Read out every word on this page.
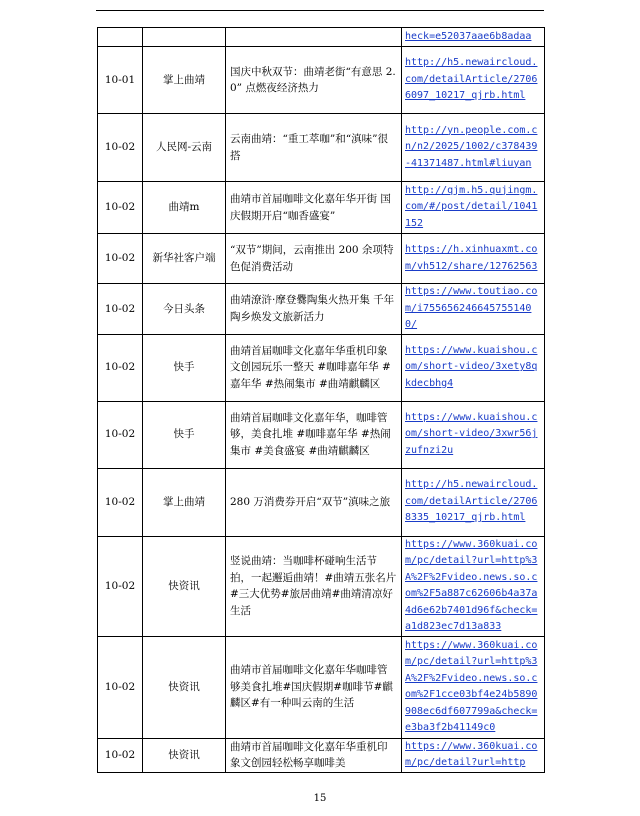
			heck=e52037aae6b8adaa
10-01	掌上曲靖	国庆中秋双节：曲靖老街“有意思 2.0” 点燃夜经济热力	http://h5.newaircloud.com/detailArticle/27066097_10217_qjrb.html
10-02	人民网-云南	云南曲靖：“重工萃咖”和“滇味”很搭	http://yn.people.com.cn/n2/2025/1002/c378439-41371487.html#liuyan
10-02	曲靖m	曲靖市首届咖啡文化嘉年华开街 国庆假期开启“咖香盛宴”	http://qjm.h5.qujingm.com/#/post/detail/1041152
10-02	新华社客户端	“双节”期间，云南推出 200 余项特色促消费活动	https://h.xinhuaxmt.com/vh512/share/12762563
10-02	今日头条	曲靖潦浒·摩登爨陶集火热开集 千年陶乡焕发文旅新活力	https://www.toutiao.com/i7556562466457551400/
10-02	快手	曲靖首届咖啡文化嘉年华重机印象文创园玩乐一整天 #咖啡嘉年华 #嘉年华 #热闹集市 #曲靖麒麟区	https://www.kuaishou.com/short-video/3xety8qkdecbhg4
10-02	快手	曲靖首届咖啡文化嘉年华，咖啡管够，美食扎堆 #咖啡嘉年华 #热闹集市 #美食盛宴 #曲靖麒麟区	https://www.kuaishou.com/short-video/3xwr56jzufnzi2u
10-02	掌上曲靖	280 万消费券开启“双节”滇味之旅	http://h5.newaircloud.com/detailArticle/27068335_10217_qjrb.html
10-02	快资讯	竖说曲靖：当咖啡杯碰响生活节拍，一起邂逅曲靖！#曲靖五张名片#三大优势#旅居曲靖#曲靖清凉好生活	https://www.360kuai.com/pc/detail?url=http%3A%2F%2Fvideo.news.so.com%2F5a887c62606b4a37a4d6e62b7401d96f&check=a1d823ec7d13a833
10-02	快资讯	曲靖市首届咖啡文化嘉年华咖啡管够美食扎堆#国庆假期#咖啡节#麒麟区#有一种叫云南的生活	https://www.360kuai.com/pc/detail?url=http%3A%2F%2Fvideo.news.so.com%2F1cce03bf4e24b5890908ec6df607799a&check=e3ba3f2b41149c0
10-02	快资讯	曲靖市首届咖啡文化嘉年华重机印象文创园轻松畅享咖啡美	https://www.360kuai.com/pc/detail?url=http
15
